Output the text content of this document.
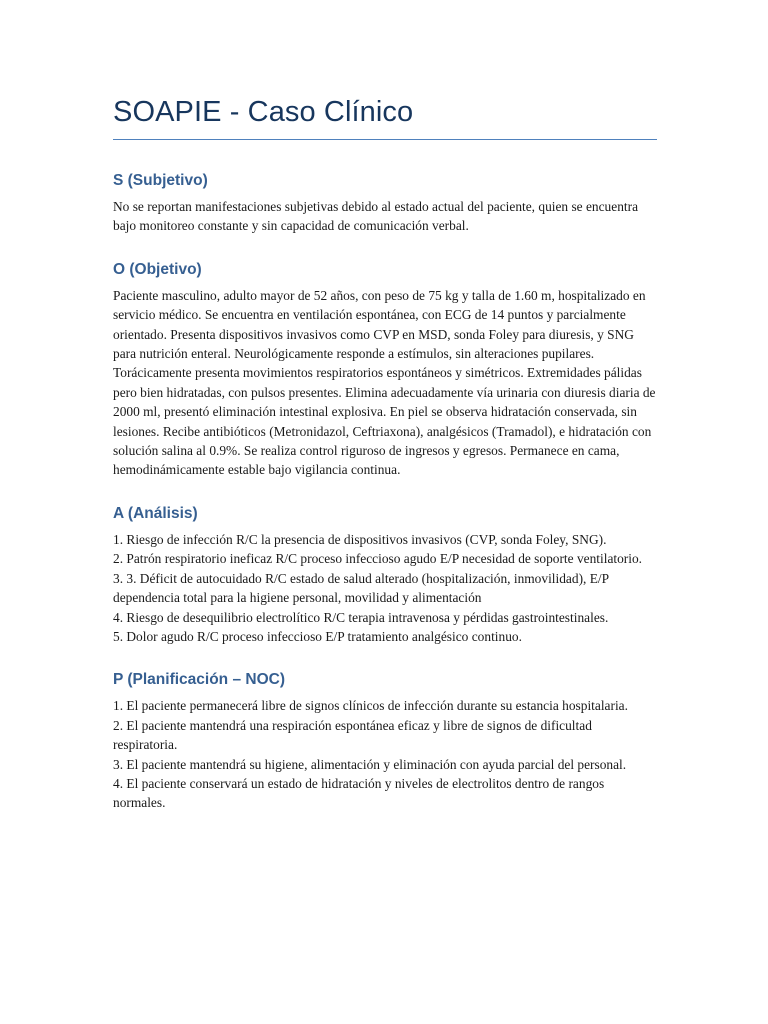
SOAPIE - Caso Clínico
S (Subjetivo)

No se reportan manifestaciones subjetivas debido al estado actual del paciente, quien se encuentra bajo monitoreo constante y sin capacidad de comunicación verbal.

O (Objetivo)

Paciente masculino, adulto mayor de 52 años, con peso de 75 kg y talla de 1.60 m, hospitalizado en servicio médico. Se encuentra en ventilación espontánea, con ECG de 14 puntos y parcialmente orientado. Presenta dispositivos invasivos como CVP en MSD, sonda Foley para diuresis, y SNG para nutrición enteral. Neurológicamente responde a estímulos, sin alteraciones pupilares. Torácicamente presenta movimientos respiratorios espontáneos y simétricos. Extremidades pálidas pero bien hidratadas, con pulsos presentes. Elimina adecuadamente vía urinaria con diuresis diaria de 2000 ml, presentó eliminación intestinal explosiva. En piel se observa hidratación conservada, sin lesiones. Recibe antibióticos (Metronidazol, Ceftriaxona), analgésicos (Tramadol), e hidratación con solución salina al 0.9%. Se realiza control riguroso de ingresos y egresos. Permanece en cama, hemodinámicamente estable bajo vigilancia continua.

A (Análisis)
1. Riesgo de infección R/C la presencia de dispositivos invasivos (CVP, sonda Foley, SNG).
2. Patrón respiratorio ineficaz R/C proceso infeccioso agudo E/P necesidad de soporte ventilatorio.
3. 3. Déficit de autocuidado R/C estado de salud alterado (hospitalización, inmovilidad), E/P dependencia total para la higiene personal, movilidad y alimentación
4. Riesgo de desequilibrio electrolítico R/C terapia intravenosa y pérdidas gastrointestinales.
5. Dolor agudo R/C proceso infeccioso E/P tratamiento analgésico continuo.
P (Planificación – NOC)
1. El paciente permanecerá libre de signos clínicos de infección durante su estancia hospitalaria.
2. El paciente mantendrá una respiración espontánea eficaz y libre de signos de dificultad respiratoria.
3. El paciente mantendrá su higiene, alimentación y eliminación con ayuda parcial del personal.
4. El paciente conservará un estado de hidratación y niveles de electrolitos dentro de rangos normales.
